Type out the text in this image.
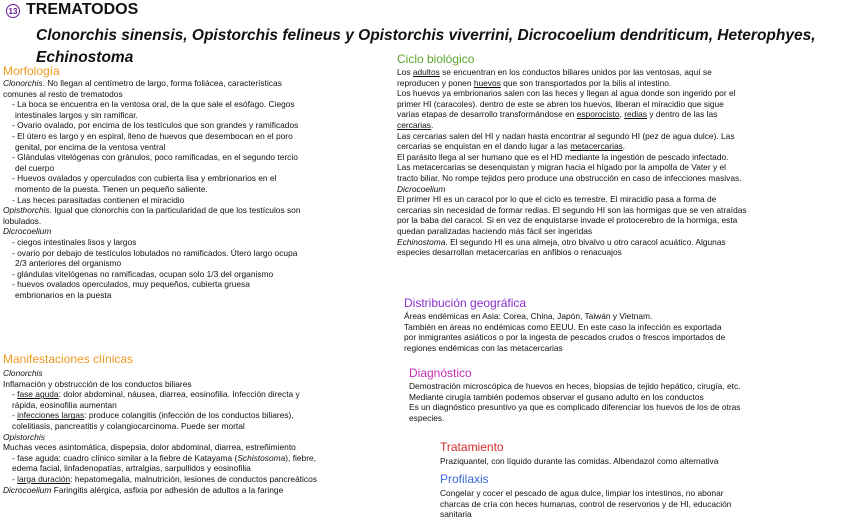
13 TREMATODOS
Clonorchis sinensis, Opistorchis felineus y Opistorchis viverrini, Dicrocoelium dendriticum, Heterophyes, Echinostoma
Morfología

Clonorchis. No llegan al centímetro de largo, forma foliácea, características

comunes al resto de trematodos

- La boca se encuentra en la ventosa oral, de la que sale el esófago. Ciegos

intestinales largos y sin ramificar.

- Ovario ovalado, por encima de los testículos que son grandes y ramificados

- El útero es largo y en espiral, lleno de huevos que desembocan en el poro

genital, por encima de la ventosa ventral

- Glándulas vitelógenas con gránulos, poco ramificadas, en el segundo tercio

del cuerpo

- Huevos ovalados y operculados con cubierta lisa y embrionarios en el

momento de la puesta. Tienen un pequeño saliente.

- Las heces parasitadas contienen el miracidio

Opisthorchis. Igual que clonorchis con la particularidad de que los testículos son

lobulados.

Dicrocoelium

- ciegos intestinales lisos y largos

- ovario por debajo de testículos lobulados no ramificados. Útero largo ocupa

2/3 anteriores del organismo

- glándulas vitelógenas no ramificadas, ocupan solo 1/3 del organismo

- huevos ovalados operculados, muy pequeños, cubierta gruesa

embrionarios en la puesta

Manifestaciones clínicas

Clonorchis

Inflamación y obstrucción de los conductos biliares

- fase aguda: dolor abdominal, náusea, diarrea, eosinofilia. Infección directa y

rápida, eosinofilia aumentan

- infecciones largas: produce colangitis (infección de los conductos biliares),

colelitiasis, pancreatitis y colangiocarcinoma. Puede ser mortal

Opistorchis

Muchas veces asintomática, dispepsia, dolor abdominal, diarrea, estreñimiento

- fase aguda: cuadro clínico similar a la fiebre de Katayama (Schistosoma), fiebre,

edema facial, linfadenopatías, artralgias, sarpullidos y eosinofilia

- larga duración: hepatomegalia, malnutrición, lesiones de conductos pancreáticos

Dicrocoelium Faringitis alérgica, asfixia por adhesión de adultos a la faringe

Ciclo biológico

Los adultos se encuentran en los conductos biliares unidos por las ventosas, aquí se

reproducen y ponen huevos que son transportados por la bilis al intestino.

Los huevos ya embrionarios salen con las heces y llegan al agua donde son ingerido por el

primer HI (caracoles). dentro de este se abren los huevos, liberan el miracidio que sigue

varias etapas de desarrollo transformándose en esporocisto, redias y dentro de las las

cercarias.

Las cercarias salen del HI y nadan hasta encontrar al segundo HI (pez de agua dulce). Las

cercarias se enquistan en el dando lugar a las metacercarias.

El parásito llega al ser humano que es el HD mediante la ingestión de pescado infectado.

Las metacercarias se desenquistan y migran hacia el hígado por la ampolla de Vater y el

tracto biliar. No rompe tejidos pero produce una obstrucción en caso de infecciones masivas.

Dicrocoelium

El primer HI es un caracol por lo que el ciclo es terrestre. El miracidio pasa a forma de

cercarias sin necesidad de formar redias. El segundo HI son las hormigas que se ven atraídas

por la baba del caracol. Si en vez de enquistarse invade el protocerebro de la hormiga, esta

quedan paralizadas haciendo más fácil ser ingeridas

Echinostoma. El segundo HI es una almeja, otro bivalvo u otro caracol acuático. Algunas

especies desarrollan metacercarias en anfibios o renacuajos

Distribución geográfica

Áreas endémicas en Asia: Corea, China, Japón, Taiwán y Vietnam.

También en áreas no endémicas como EEUU. En este caso la infección es exportada

por inmigrantes asiáticos o por la ingesta de pescados crudos o frescos importados de

regiones endémicas con las metacercarias

Diagnóstico

Demostración microscópica de huevos en heces, biopsias de tejido hepático, cirugía, etc.

Mediante cirugía también podemos observar el gusano adulto en los conductos

Es un diagnóstico presuntivo ya que es complicado diferenciar los huevos de los de otras

especies.

Tratamiento

Praziquantel, con líquido durante las comidas. Albendazol como alternativa

Profilaxis

Congelar y cocer el pescado de agua dulce, limpiar los intestinos, no abonar

charcas de cría con heces humanas, control de reservorios y de HI, educación

sanitaria
